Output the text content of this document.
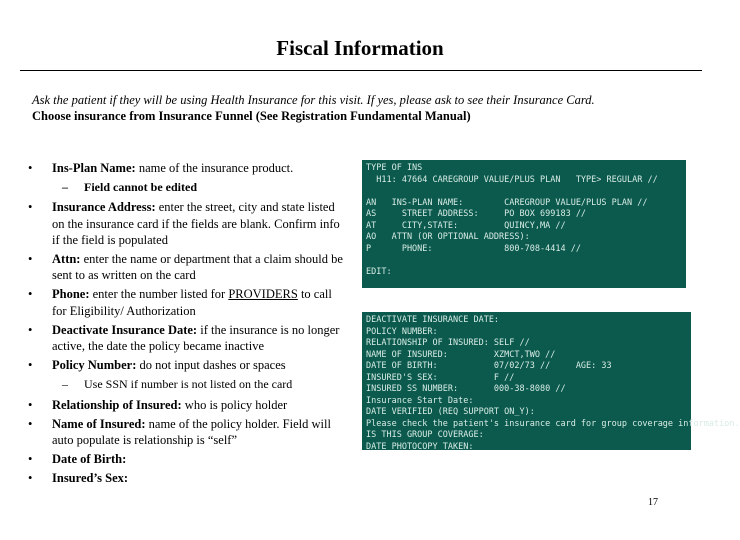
Fiscal Information
Ask the patient if they will be using Health Insurance for this visit. If yes, please ask to see their Insurance Card.
Choose insurance from Insurance Funnel (See Registration Fundamental Manual)
• Ins-Plan Name: name of the insurance product.
– Field cannot be edited
• Insurance Address: enter the street, city and state listed on the insurance card if the fields are blank. Confirm info if the field is populated
• Attn: enter the name or department that a claim should be sent to as written on the card
• Phone: enter the number listed for PROVIDERS to call for Eligibility/ Authorization
• Deactivate Insurance Date: if the insurance is no longer active, the date the policy became inactive
• Policy Number: do not input dashes or spaces
– Use SSN if number is not listed on the card
• Relationship of Insured: who is policy holder
• Name of Insured: name of the policy holder. Field will auto populate is relationship is “self”
• Date of Birth:
• Insured’s Sex:
TYPE OF INS
H11: 47664 CAREGROUP VALUE/PLUS PLAN   TYPE> REGULAR //
AN   INS-PLAN NAME:        CAREGROUP VALUE/PLUS PLAN //
AS     STREET ADDRESS:     PO BOX 699183 //
AT     CITY,STATE:         QUINCY,MA //
AO   ATTN (OR OPTIONAL ADDRESS):
P      PHONE:              800-708-4414 //
EDIT:
DEACTIVATE INSURANCE DATE:
POLICY NUMBER:
RELATIONSHIP OF INSURED: SELF //
NAME OF INSURED:         XZMCT,TWO //
DATE OF BIRTH:           07/02/73 //     AGE: 33
INSURED'S SEX:           F //
INSURED SS NUMBER:       000-38-8080 //
Insurance Start Date:
DATE VERIFIED (REQ SUPPORT ON_Y):
Please check the patient's insurance card for group coverage information.
IS THIS GROUP COVERAGE:
DATE PHOTOCOPY TAKEN:
17
